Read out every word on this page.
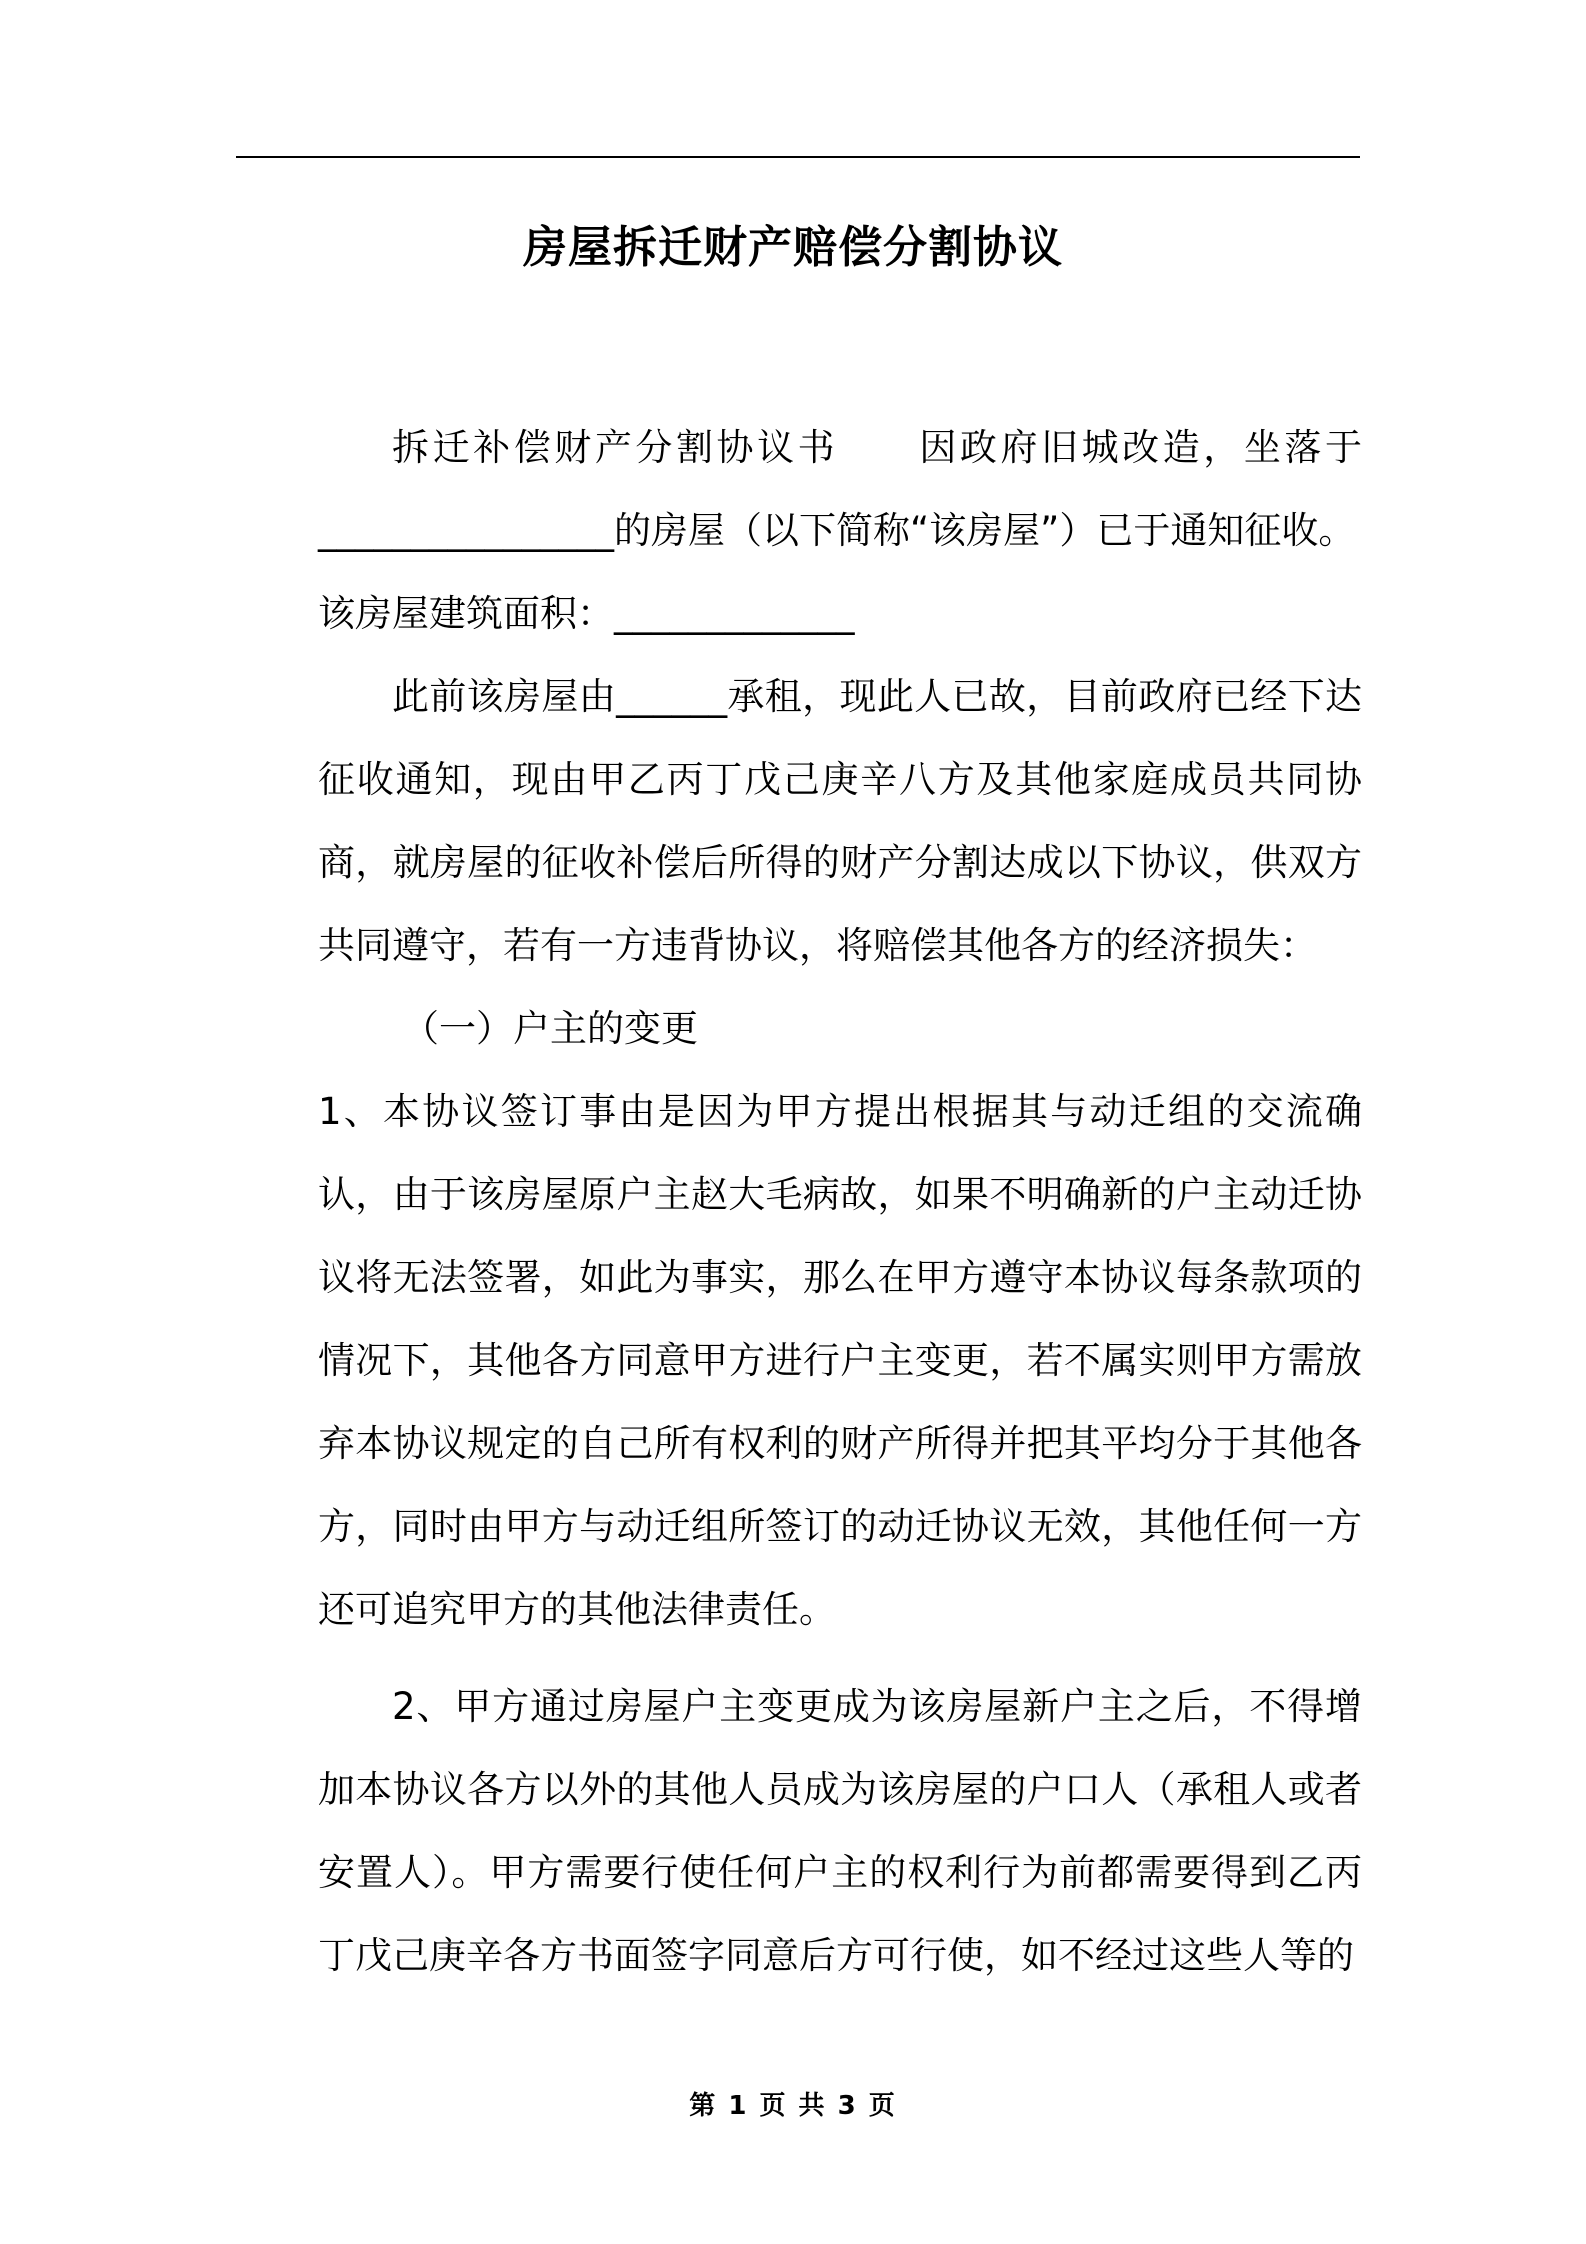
房屋拆迁财产赔偿分割协议

拆迁补偿财产分割协议书　　因政府旧城改造，坐落于________________的房屋（以下简称“该房屋”）已于通知征收。

该房屋建筑面积：_____________

此前该房屋由______承租，现此人已故，目前政府已经下达征收通知，现由甲乙丙丁戊己庚辛八方及其他家庭成员共同协商，就房屋的征收补偿后所得的财产分割达成以下协议，供双方共同遵守，若有一方违背协议，将赔偿其他各方的经济损失：

（一）户主的变更

1、本协议签订事由是因为甲方提出根据其与动迁组的交流确认，由于该房屋原户主赵大毛病故，如果不明确新的户主动迁协议将无法签署，如此为事实，那么在甲方遵守本协议每条款项的情况下，其他各方同意甲方进行户主变更，若不属实则甲方需放弃本协议规定的自己所有权利的财产所得并把其平均分于其他各方，同时由甲方与动迁组所签订的动迁协议无效，其他任何一方还可追究甲方的其他法律责任。

2、甲方通过房屋户主变更成为该房屋新户主之后，不得增加本协议各方以外的其他人员成为该房屋的户口人（承租人或者安置人）。甲方需要行使任何户主的权利行为前都需要得到乙丙丁戊己庚辛各方书面签字同意后方可行使，如不经过这些人等的

第 1 页 共 3 页
